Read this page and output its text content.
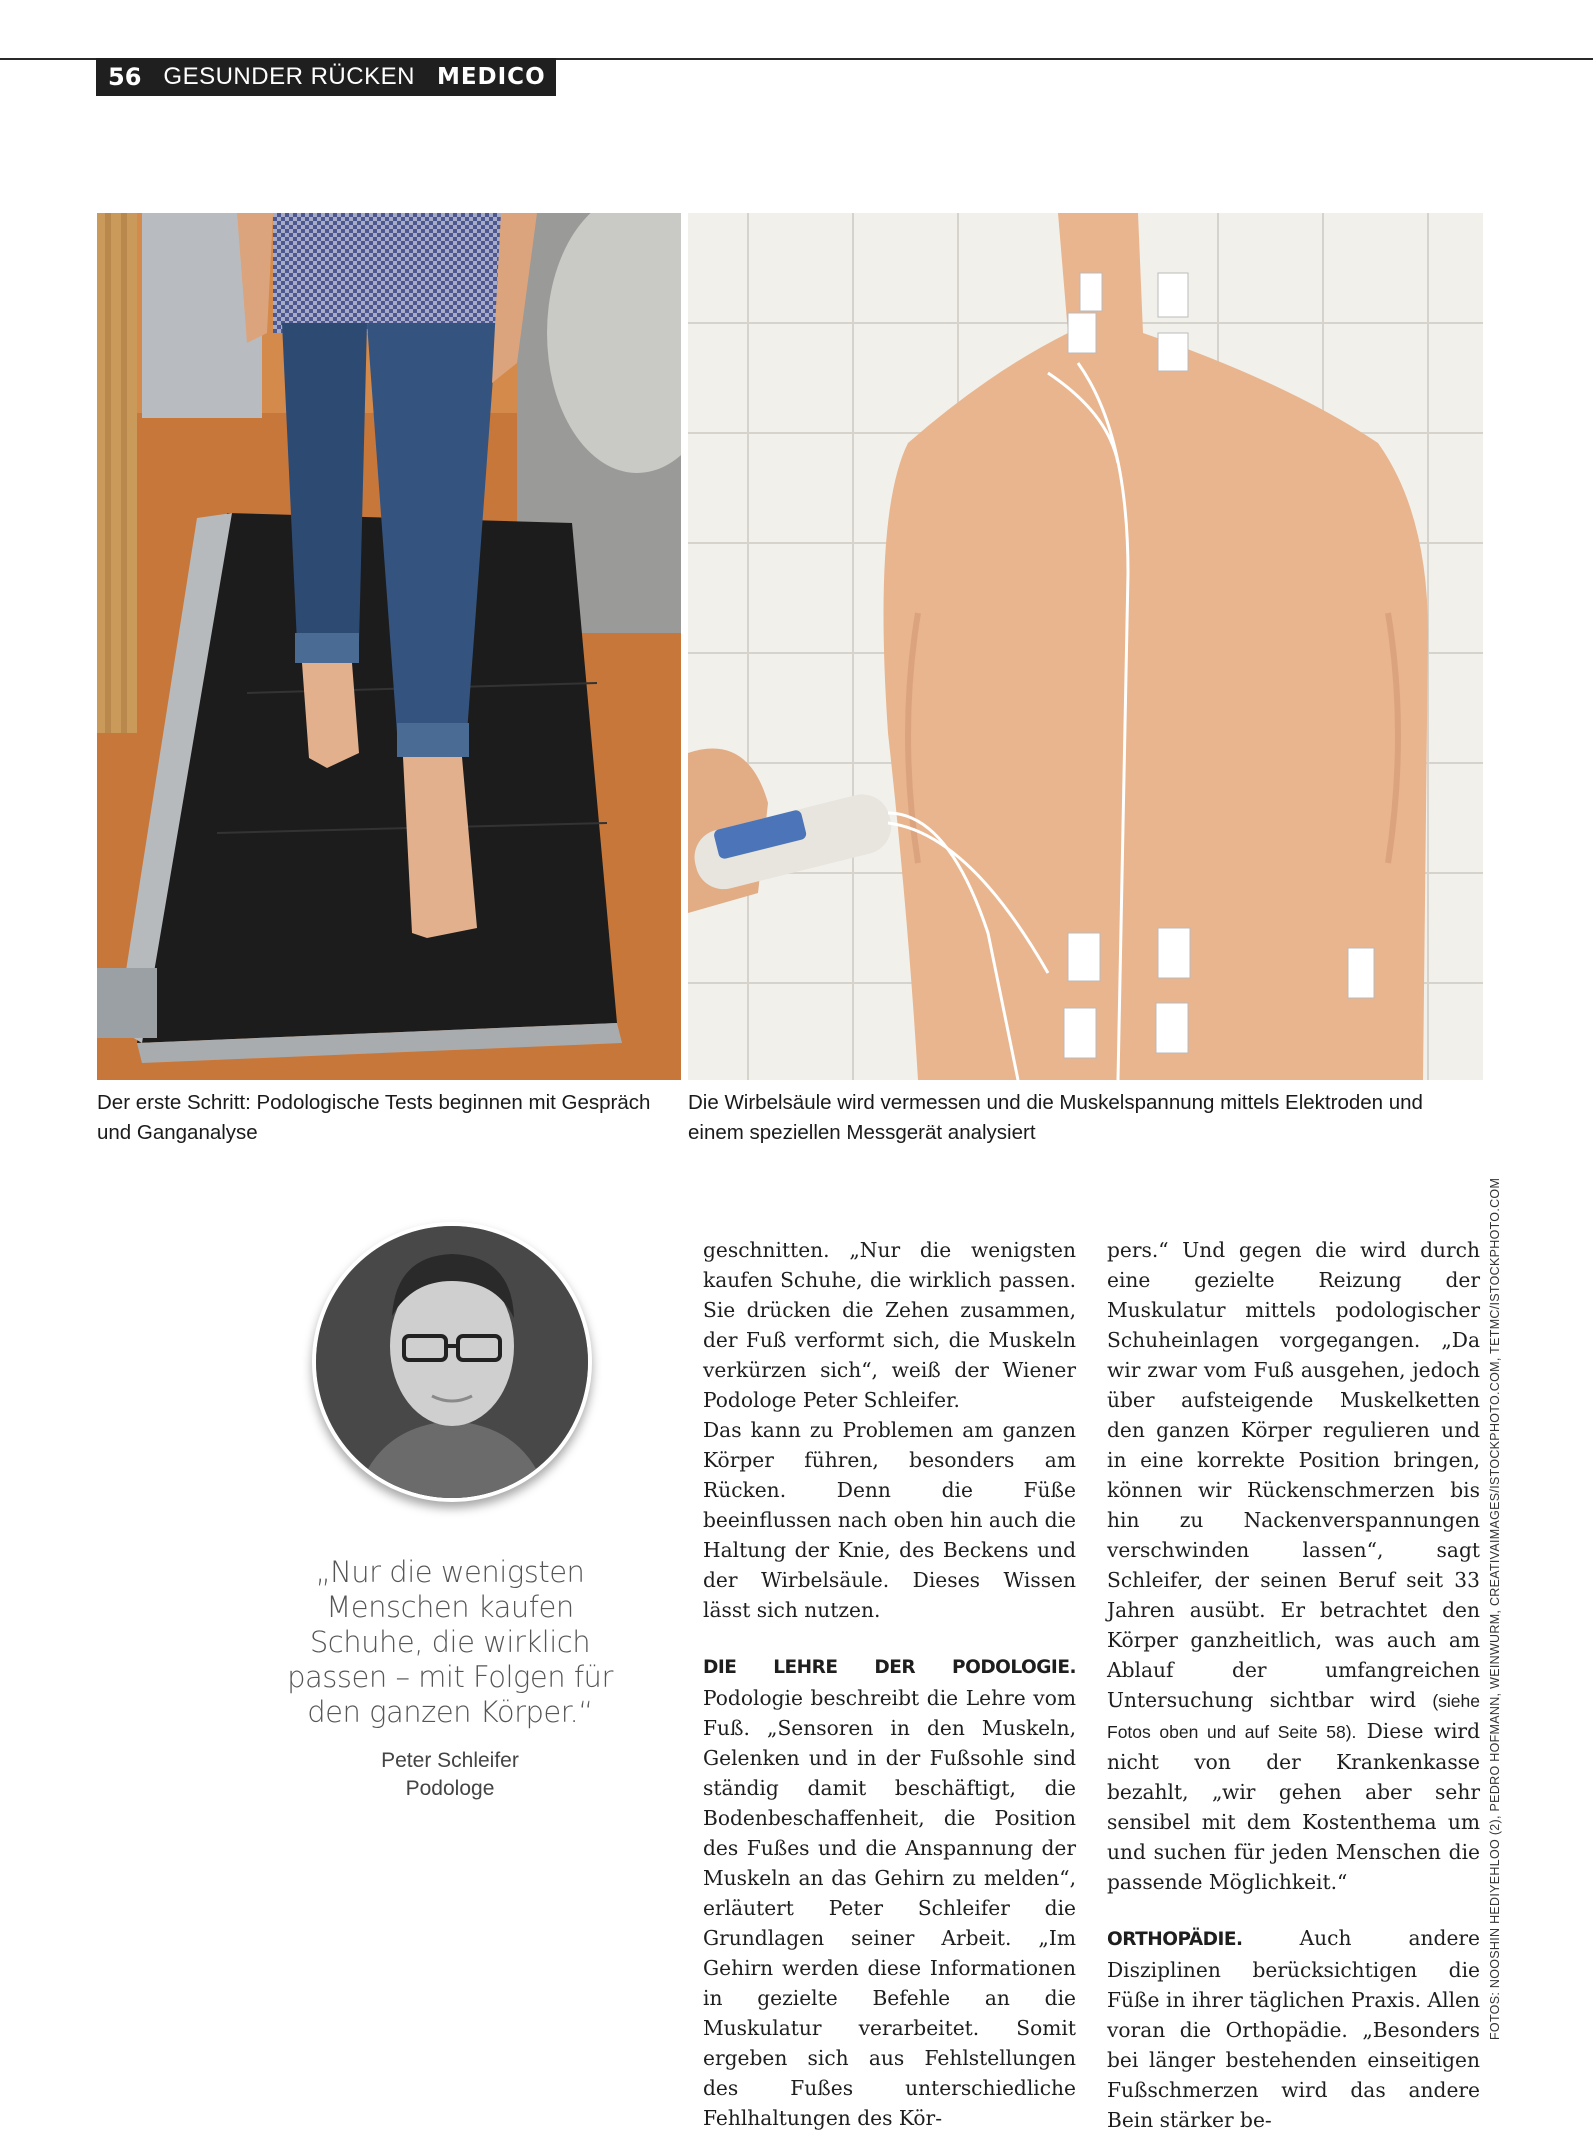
56 GESUNDER RÜCKEN MEDICO
Der erste Schritt: Podologische Tests beginnen mit Gespräch und Ganganalyse
Die Wirbelsäule wird vermessen und die Muskelspannung mittels Elektroden und einem speziellen Messgerät analysiert
„Nur die wenigsten Menschen kaufen Schuhe, die wirklich passen – mit Folgen für den ganzen Körper.“
Peter Schleifer
Podologe

geschnitten. „Nur die wenigsten kaufen Schuhe, die wirklich passen. Sie drücken die Zehen zusammen, der Fuß verformt sich, die Muskeln verkürzen sich“, weiß der Wiener Podologe Peter Schleifer.

Das kann zu Problemen am ganzen Körper führen, besonders am Rücken. Denn die Füße beeinflussen nach oben hin auch die Haltung der Knie, des Beckens und der Wirbelsäule. Dieses Wissen lässt sich nutzen.

DIE LEHRE DER PODOLOGIE. Podologie beschreibt die Lehre vom Fuß. „Sensoren in den Muskeln, Gelenken und in der Fußsohle sind ständig damit beschäftigt, die Bodenbeschaffenheit, die Position des Fußes und die Anspannung der Muskeln an das Gehirn zu melden“, erläutert Peter Schleifer die Grundlagen seiner Arbeit. „Im Gehirn werden diese Informationen in gezielte Befehle an die Muskulatur verarbeitet. Somit ergeben sich aus Fehlstellungen des Fußes unterschiedliche Fehlhaltungen des Kör-

pers.“ Und gegen die wird durch eine gezielte Reizung der Muskulatur mittels podologischer Schuheinlagen vorgegangen. „Da wir zwar vom Fuß ausgehen, jedoch über aufsteigende Muskelketten den ganzen Körper regulieren und in eine korrekte Position bringen, können wir Rückenschmerzen bis hin zu Nackenverspannungen verschwinden lassen“, sagt Schleifer, der seinen Beruf seit 33 Jahren ausübt. Er betrachtet den Körper ganzheitlich, was auch am Ablauf der umfangreichen Untersuchung sichtbar wird (siehe Fotos oben und auf Seite 58). Diese wird nicht von der Krankenkasse bezahlt, „wir gehen aber sehr sensibel mit dem Kostenthema um und suchen für jeden Menschen die passende Möglichkeit.“

ORTHOPÄDIE.	Auch andere Disziplinen berücksichtigen die Füße in ihrer täglichen Praxis. Allen voran die Orthopädie. „Besonders bei länger bestehenden einseitigen Fußschmerzen wird das andere Bein stärker be-

FOTOS: NOOSHIN HEDIYEHLOO (2), PEDRO HOFMANN, WEINWURM, CREATIVAIMAGES/ISTOCKPHOTO.COM, TETMC/ISTOCKPHOTO.COM
